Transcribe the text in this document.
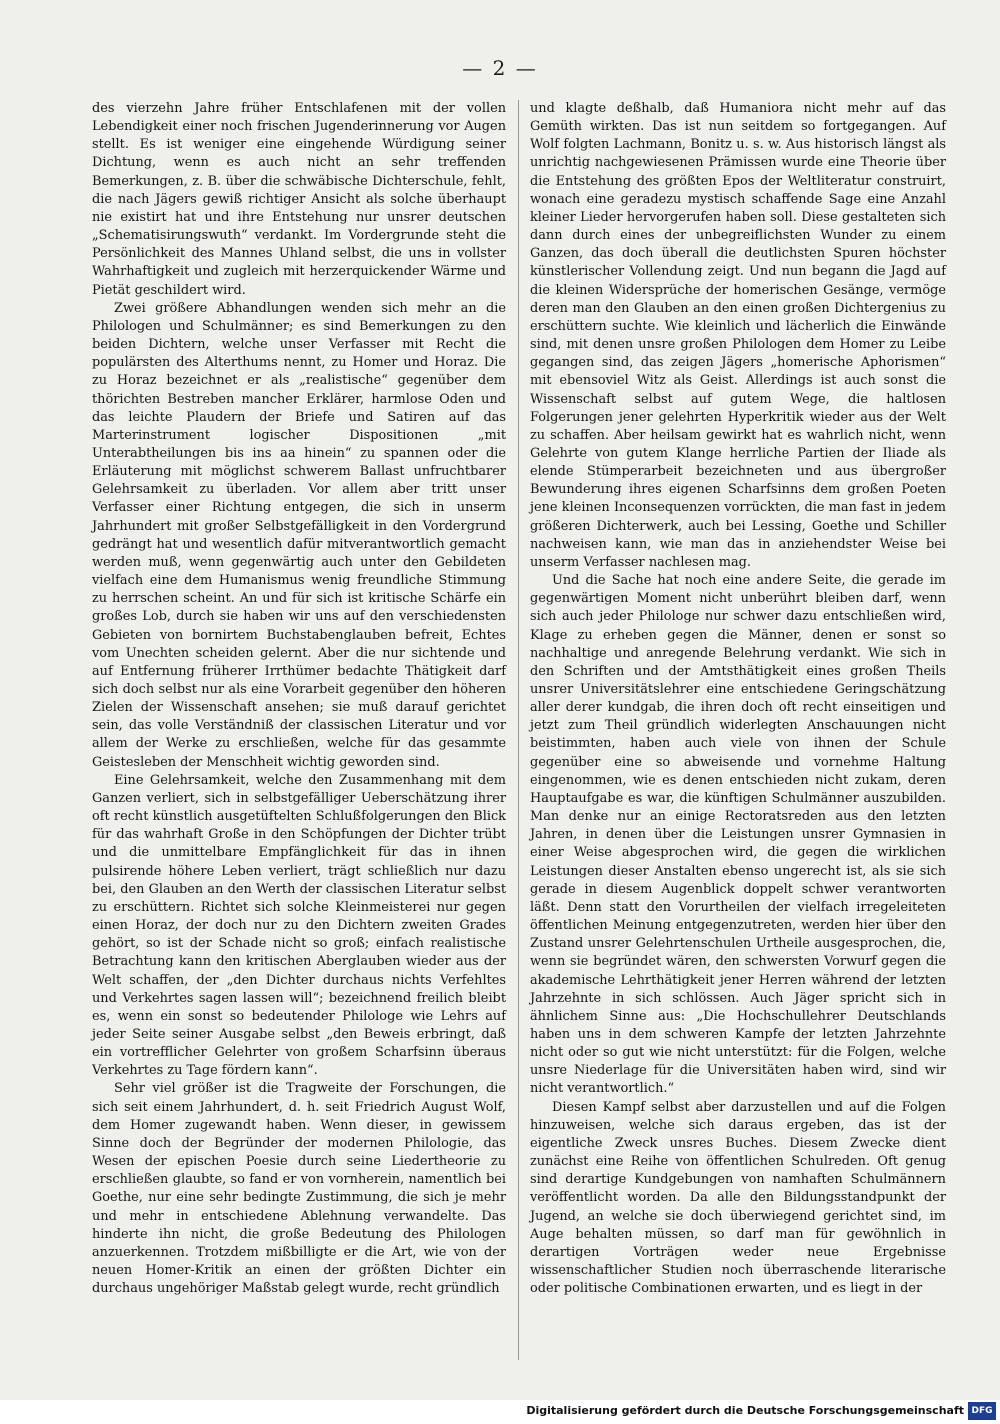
— 2 —

des vierzehn Jahre früher Entschlafenen mit der vollen Lebendigkeit einer noch frischen Jugenderinnerung vor Augen stellt. Es ist weniger eine eingehende Würdigung seiner Dichtung, wenn es auch nicht an sehr treffenden Bemerkungen, z. B. über die schwäbische Dichterschule, fehlt, die nach Jägers gewiß richtiger Ansicht als solche überhaupt nie existirt hat und ihre Entstehung nur unsrer deutschen „Schematisirungswuth“ verdankt. Im Vordergrunde steht die Persönlichkeit des Mannes Uhland selbst, die uns in vollster Wahrhaftigkeit und zugleich mit herzerquickender Wärme und Pietät geschildert wird.

Zwei größere Abhandlungen wenden sich mehr an die Philologen und Schulmänner; es sind Bemerkungen zu den beiden Dichtern, welche unser Verfasser mit Recht die populärsten des Alterthums nennt, zu Homer und Horaz. Die zu Horaz bezeichnet er als „realistische“ gegenüber dem thörichten Bestreben mancher Erklärer, harmlose Oden und das leichte Plaudern der Briefe und Satiren auf das Marterinstrument logischer Dispositionen „mit Unterabtheilungen bis ins aa hinein“ zu spannen oder die Erläuterung mit möglichst schwerem Ballast unfruchtbarer Gelehrsamkeit zu überladen. Vor allem aber tritt unser Verfasser einer Richtung entgegen, die sich in unserm Jahrhundert mit großer Selbstgefälligkeit in den Vordergrund gedrängt hat und wesentlich dafür mitverantwortlich gemacht werden muß, wenn gegenwärtig auch unter den Gebildeten vielfach eine dem Humanismus wenig freundliche Stimmung zu herrschen scheint. An und für sich ist kritische Schärfe ein großes Lob, durch sie haben wir uns auf den verschiedensten Gebieten von bornirtem Buchstabenglauben befreit, Echtes vom Unechten scheiden gelernt. Aber die nur sichtende und auf Entfernung früherer Irrthümer bedachte Thätigkeit darf sich doch selbst nur als eine Vorarbeit gegenüber den höheren Zielen der Wissenschaft ansehen; sie muß darauf gerichtet sein, das volle Verständniß der classischen Literatur und vor allem der Werke zu erschließen, welche für das gesammte Geistesleben der Menschheit wichtig geworden sind.

Eine Gelehrsamkeit, welche den Zusammenhang mit dem Ganzen verliert, sich in selbstgefälliger Ueberschätzung ihrer oft recht künstlich ausgetüftelten Schlußfolgerungen den Blick für das wahrhaft Große in den Schöpfungen der Dichter trübt und die unmittelbare Empfänglichkeit für das in ihnen pulsirende höhere Leben verliert, trägt schließlich nur dazu bei, den Glauben an den Werth der classischen Literatur selbst zu erschüttern. Richtet sich solche Kleinmeisterei nur gegen einen Horaz, der doch nur zu den Dichtern zweiten Grades gehört, so ist der Schade nicht so groß; einfach realistische Betrachtung kann den kritischen Aberglauben wieder aus der Welt schaffen, der „den Dichter durchaus nichts Verfehltes und Verkehrtes sagen lassen will“; bezeichnend freilich bleibt es, wenn ein sonst so bedeutender Philologe wie Lehrs auf jeder Seite seiner Ausgabe selbst „den Beweis erbringt, daß ein vortrefflicher Gelehrter von großem Scharfsinn überaus Verkehrtes zu Tage fördern kann“.

Sehr viel größer ist die Tragweite der Forschungen, die sich seit einem Jahrhundert, d. h. seit Friedrich August Wolf, dem Homer zugewandt haben. Wenn dieser, in gewissem Sinne doch der Begründer der modernen Philologie, das Wesen der epischen Poesie durch seine Liedertheorie zu erschließen glaubte, so fand er von vornherein, namentlich bei Goethe, nur eine sehr bedingte Zustimmung, die sich je mehr und mehr in entschiedene Ablehnung verwandelte. Das hinderte ihn nicht, die große Bedeutung des Philologen anzuerkennen. Trotzdem mißbilligte er die Art, wie von der neuen Homer-Kritik an einen der größten Dichter ein durchaus ungehöriger Maßstab gelegt wurde, recht gründlich

und klagte deßhalb, daß Humaniora nicht mehr auf das Gemüth wirkten. Das ist nun seitdem so fortgegangen. Auf Wolf folgten Lachmann, Bonitz u. s. w. Aus historisch längst als unrichtig nachgewiesenen Prämissen wurde eine Theorie über die Entstehung des größten Epos der Weltliteratur construirt, wonach eine geradezu mystisch schaffende Sage eine Anzahl kleiner Lieder hervorgerufen haben soll. Diese gestalteten sich dann durch eines der unbegreiflichsten Wunder zu einem Ganzen, das doch überall die deutlichsten Spuren höchster künstlerischer Vollendung zeigt. Und nun begann die Jagd auf die kleinen Widersprüche der homerischen Gesänge, vermöge deren man den Glauben an den einen großen Dichtergenius zu erschüttern suchte. Wie kleinlich und lächerlich die Einwände sind, mit denen unsre großen Philologen dem Homer zu Leibe gegangen sind, das zeigen Jägers „homerische Aphorismen“ mit ebensoviel Witz als Geist. Allerdings ist auch sonst die Wissenschaft selbst auf gutem Wege, die haltlosen Folgerungen jener gelehrten Hyperkritik wieder aus der Welt zu schaffen. Aber heilsam gewirkt hat es wahrlich nicht, wenn Gelehrte von gutem Klange herrliche Partien der Iliade als elende Stümperarbeit bezeichneten und aus übergroßer Bewunderung ihres eigenen Scharfsinns dem großen Poeten jene kleinen Inconsequenzen vorrückten, die man fast in jedem größeren Dichterwerk, auch bei Lessing, Goethe und Schiller nachweisen kann, wie man das in anziehendster Weise bei unserm Verfasser nachlesen mag.

Und die Sache hat noch eine andere Seite, die gerade im gegenwärtigen Moment nicht unberührt bleiben darf, wenn sich auch jeder Philologe nur schwer dazu entschließen wird, Klage zu erheben gegen die Männer, denen er sonst so nachhaltige und anregende Belehrung verdankt. Wie sich in den Schriften und der Amtsthätigkeit eines großen Theils unsrer Universitätslehrer eine entschiedene Geringschätzung aller derer kundgab, die ihren doch oft recht einseitigen und jetzt zum Theil gründlich widerlegten Anschauungen nicht beistimmten, haben auch viele von ihnen der Schule gegenüber eine so abweisende und vornehme Haltung eingenommen, wie es denen entschieden nicht zukam, deren Hauptaufgabe es war, die künftigen Schulmänner auszubilden. Man denke nur an einige Rectoratsreden aus den letzten Jahren, in denen über die Leistungen unsrer Gymnasien in einer Weise abgesprochen wird, die gegen die wirklichen Leistungen dieser Anstalten ebenso ungerecht ist, als sie sich gerade in diesem Augenblick doppelt schwer verantworten läßt. Denn statt den Vorurtheilen der vielfach irregeleiteten öffentlichen Meinung entgegenzutreten, werden hier über den Zustand unsrer Gelehrtenschulen Urtheile ausgesprochen, die, wenn sie begründet wären, den schwersten Vorwurf gegen die akademische Lehrthätigkeit jener Herren während der letzten Jahrzehnte in sich schlössen. Auch Jäger spricht sich in ähnlichem Sinne aus: „Die Hochschullehrer Deutschlands haben uns in dem schweren Kampfe der letzten Jahrzehnte nicht oder so gut wie nicht unterstützt: für die Folgen, welche unsre Niederlage für die Universitäten haben wird, sind wir nicht verantwortlich.“

Diesen Kampf selbst aber darzustellen und auf die Folgen hinzuweisen, welche sich daraus ergeben, das ist der eigentliche Zweck unsres Buches. Diesem Zwecke dient zunächst eine Reihe von öffentlichen Schulreden. Oft genug sind derartige Kundgebungen von namhaften Schulmännern veröffentlicht worden. Da alle den Bildungsstandpunkt der Jugend, an welche sie doch überwiegend gerichtet sind, im Auge behalten müssen, so darf man für gewöhnlich in derartigen Vorträgen weder neue Ergebnisse wissenschaftlicher Studien noch überraschende literarische oder politische Combinationen erwarten, und es liegt in der

Digitalisierung gefördert durch die Deutsche Forschungsgemeinschaft DFG
